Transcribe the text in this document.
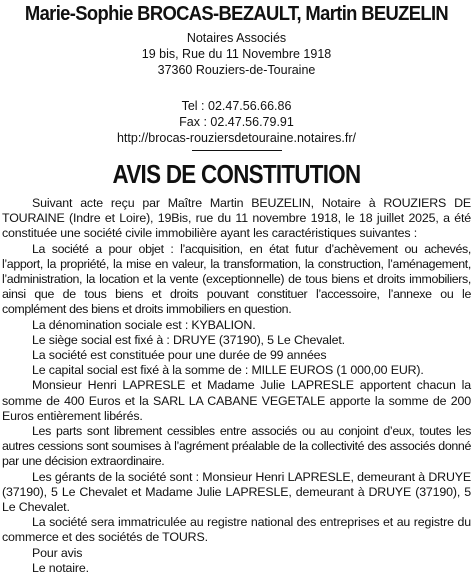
Marie-Sophie BROCAS-BEZAULT, Martin BEUZELIN
Notaires Associés
19 bis, Rue du 11 Novembre 1918
37360 Rouziers-de-Touraine
Tel : 02.47.56.66.86
Fax : 02.47.56.79.91
http://brocas-rouziersdetouraine.notaires.fr/
AVIS DE CONSTITUTION

Suivant acte reçu par Maître Martin BEUZELIN, Notaire à ROUZIERS DE TOURAINE (Indre et Loire), 19Bis, rue du 11 novembre 1918, le 18 juillet 2025, a été constituée une société civile immobilière ayant les caractéristiques suivantes :

La société a pour objet : l’acquisition, en état futur d’achèvement ou achevés, l’apport, la propriété, la mise en valeur, la transformation, la construction, l’aménagement, l’administration, la location et la vente (exceptionnelle) de tous biens et droits immobiliers, ainsi que de tous biens et droits pouvant constituer l’accessoire, l’annexe ou le complément des biens et droits immobiliers en question.

La dénomination sociale est : KYBALION.

Le siège social est fixé à : DRUYE (37190), 5 Le Chevalet.

La société est constituée pour une durée de 99 années

Le capital social est fixé à la somme de : MILLE EUROS (1 000,00 EUR).

Monsieur Henri LAPRESLE et Madame Julie LAPRESLE apportent chacun la somme de 400 Euros et la SARL LA CABANE VEGETALE apporte la somme de 200 Euros entièrement libérés.

Les parts sont librement cessibles entre associés ou au conjoint d’eux, toutes les autres cessions sont soumises à l’agrément préalable de la collectivité des associés donné par une décision extraordinaire.

Les gérants de la société sont : Monsieur Henri LAPRESLE, demeurant à DRUYE (37190), 5 Le Chevalet et Madame Julie LAPRESLE, demeurant à DRUYE (37190), 5 Le Chevalet.

La société sera immatriculée au registre national des entreprises et au registre du commerce et des sociétés de TOURS.

Pour avis

Le notaire.
